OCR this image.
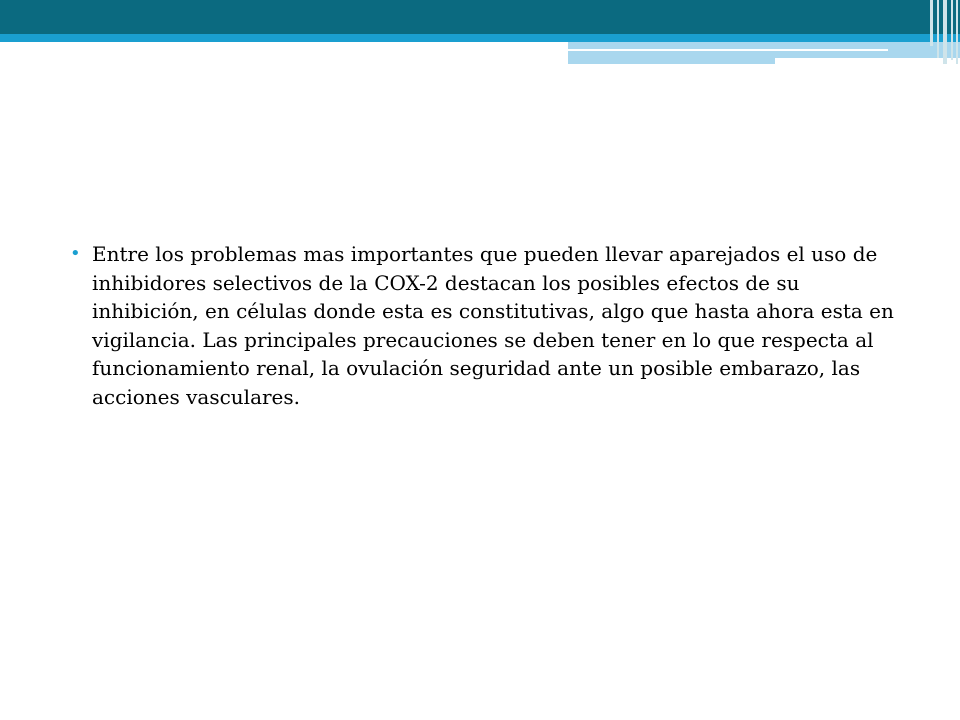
• Entre los problemas mas importantes que pueden llevar aparejados el uso de inhibidores selectivos de la COX-2 destacan los posibles efectos de su inhibición, en células donde esta es constitutivas, algo que hasta ahora esta en vigilancia. Las principales precauciones se deben tener en lo que respecta al funcionamiento renal, la ovulación seguridad ante un posible embarazo, las acciones vasculares.
